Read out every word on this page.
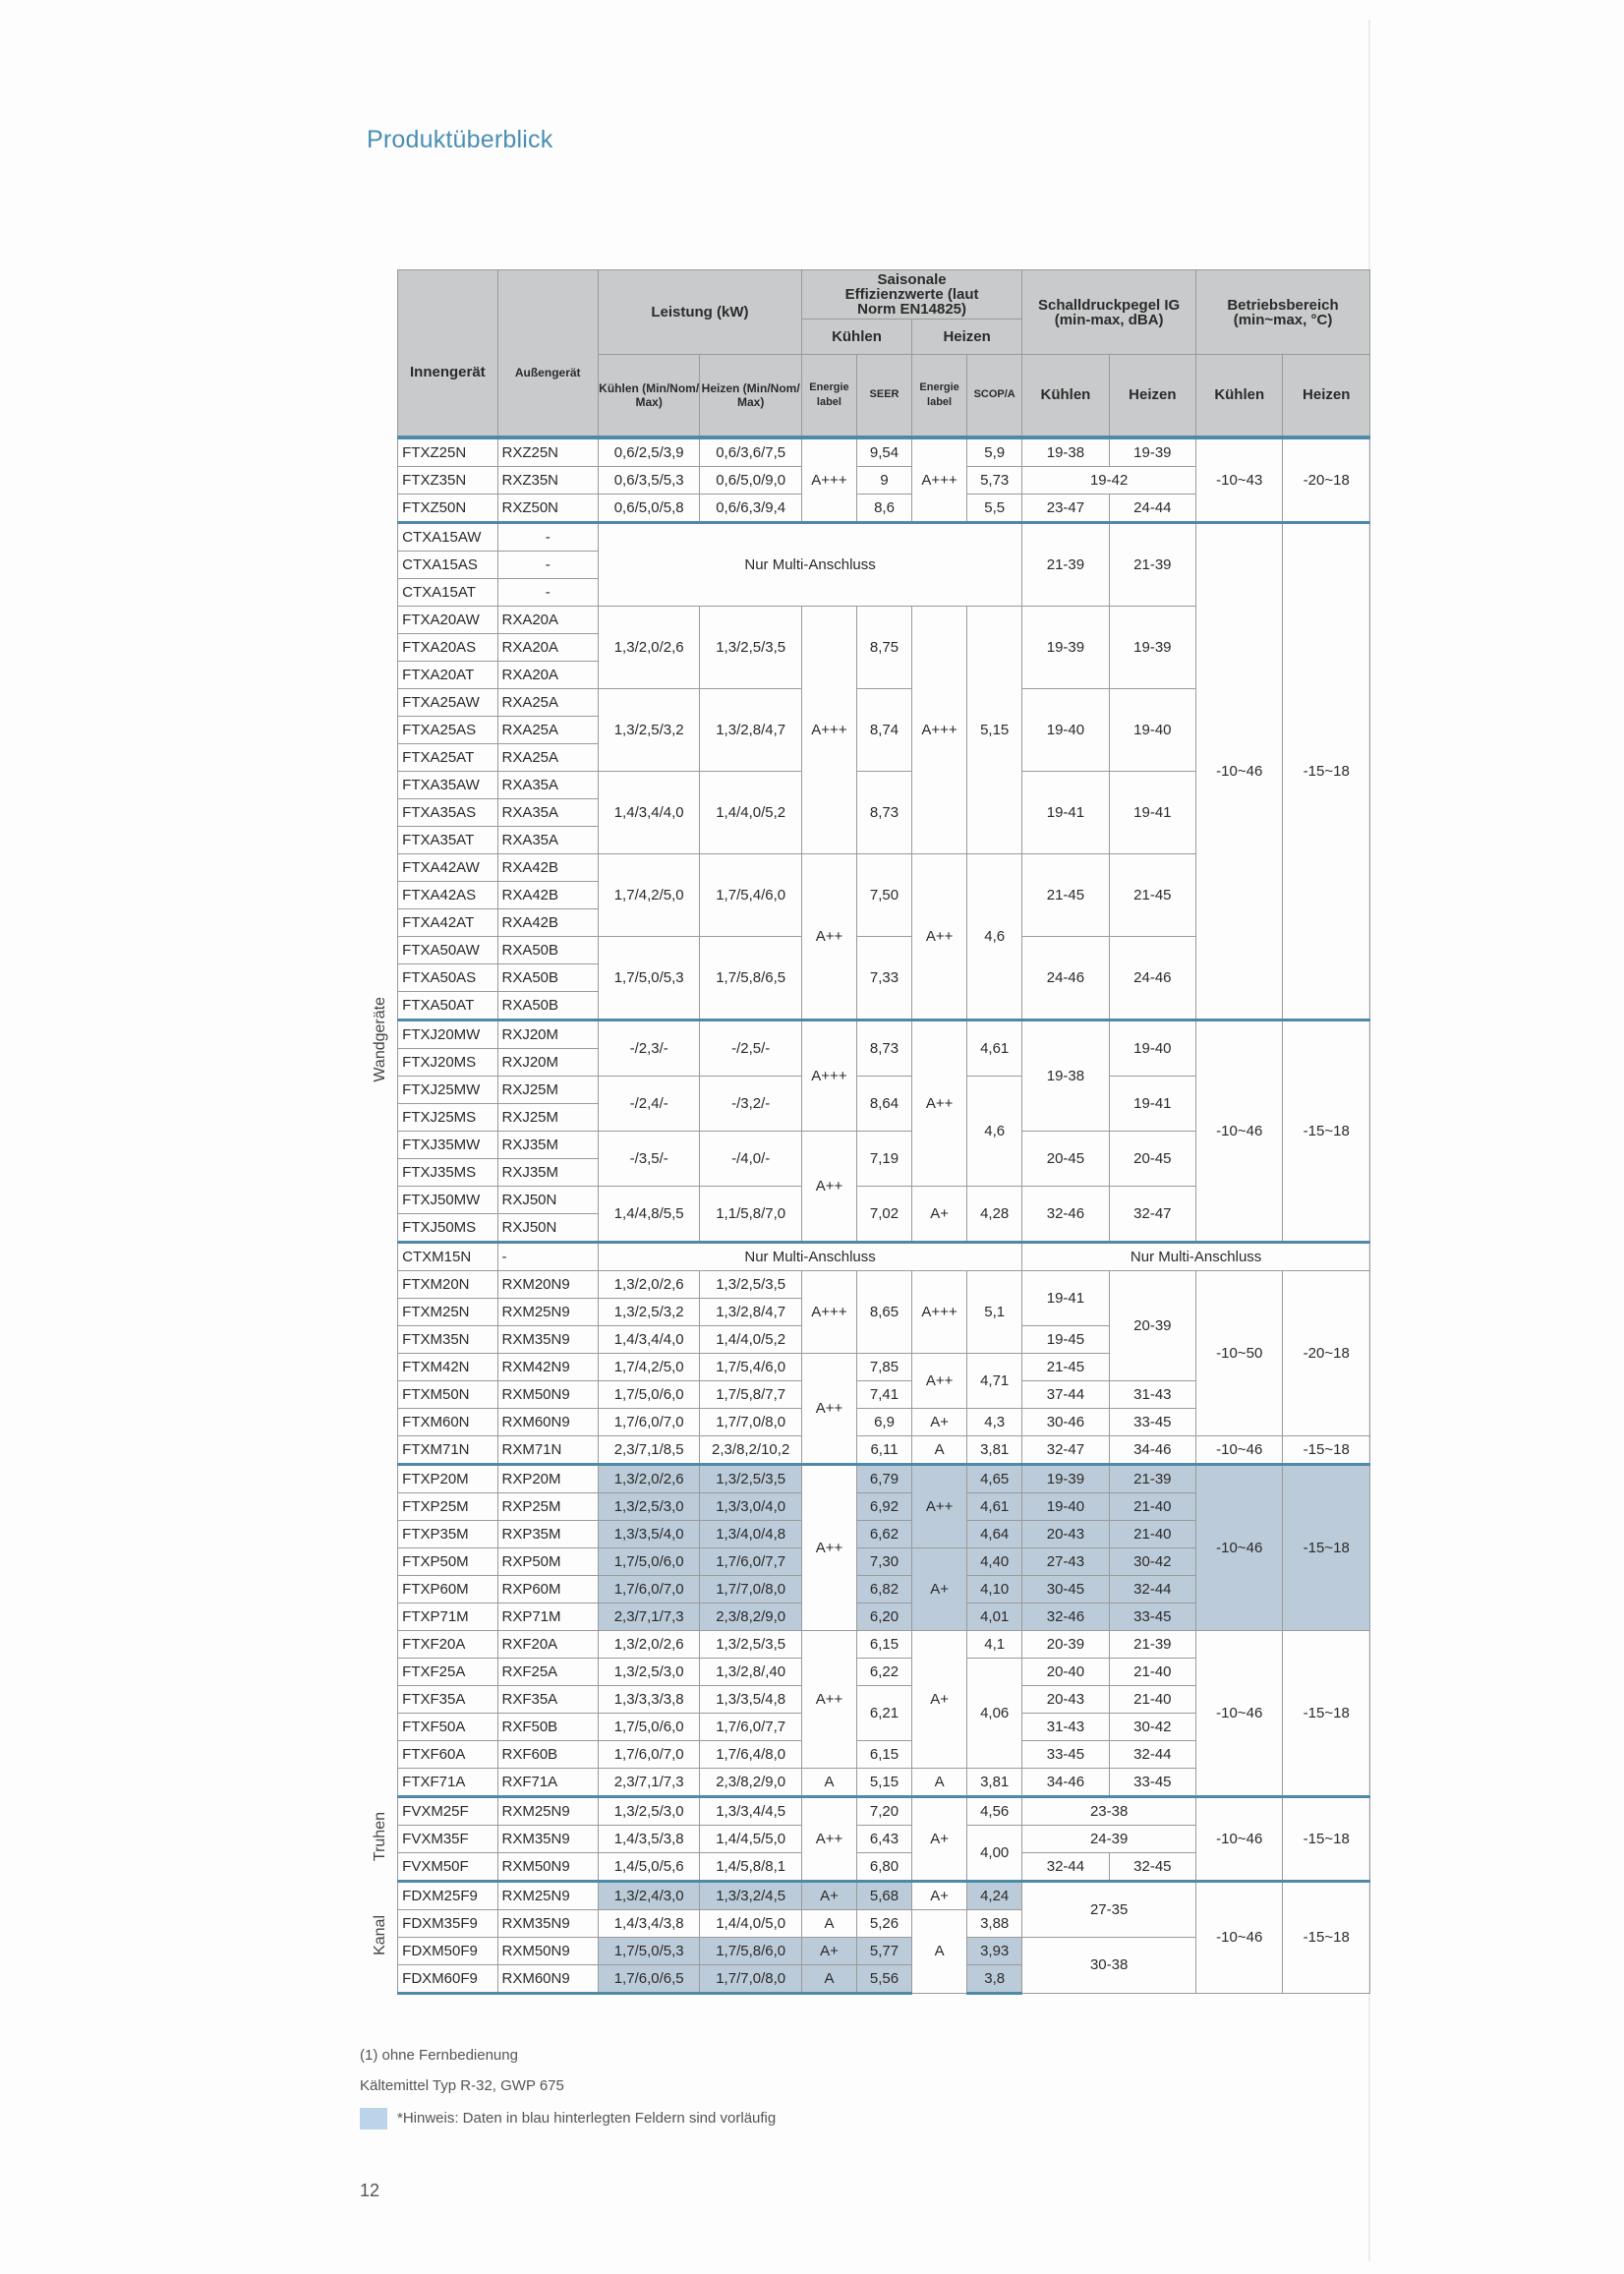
Produktüberblick
	Innengerät	Außengerät	Leistung (kW)		Saisonale Effizienzwerte (laut Norm EN14825)				Schalldruckpegel IG (min-max, dBA)		Betriebsbereich (min~max, °C)	
					Kühlen		Heizen					
			Kühlen (Min/Nom/ Max)	Heizen (Min/Nom/ Max)	Energie label	SEER	Energie label	SCOP/A	Kühlen	Heizen	Kühlen	Heizen
	FTXZ25N	RXZ25N	0,6/2,5/3,9	0,6/3,6/7,5	A+++	9,54	A+++	5,9	19-38	19-39	-10~43	-20~18
	FTXZ35N	RXZ35N	0,6/3,5/5,3	0,6/5,0/9,0		9		5,73	19-42			
	FTXZ50N	RXZ50N	0,6/5,0/5,8	0,6/6,3/9,4		8,6		5,5	23-47	24-44		
Wandgeräte	CTXA15AW	-	Nur Multi-Anschluss						21-39	21-39	-10~46	-15~18
	CTXA15AS	-										
	CTXA15AT	-										
	FTXA20AW	RXA20A	1,3/2,0/2,6	1,3/2,5/3,5	A+++	8,75	A+++	5,15	19-39	19-39		
	FTXA20AS	RXA20A										
	FTXA20AT	RXA20A										
	FTXA25AW	RXA25A	1,3/2,5/3,2	1,3/2,8/4,7		8,74			19-40	19-40		
	FTXA25AS	RXA25A										
	FTXA25AT	RXA25A										
	FTXA35AW	RXA35A	1,4/3,4/4,0	1,4/4,0/5,2		8,73			19-41	19-41		
	FTXA35AS	RXA35A										
	FTXA35AT	RXA35A										
	FTXA42AW	RXA42B	1,7/4,2/5,0	1,7/5,4/6,0	A++	7,50	A++	4,6	21-45	21-45		
	FTXA42AS	RXA42B										
	FTXA42AT	RXA42B										
	FTXA50AW	RXA50B	1,7/5,0/5,3	1,7/5,8/6,5		7,33			24-46	24-46		
	FTXA50AS	RXA50B										
	FTXA50AT	RXA50B										
	FTXJ20MW	RXJ20M	-/2,3/-	-/2,5/-	A+++	8,73	A++	4,61	19-38	19-40	-10~46	-15~18
	FTXJ20MS	RXJ20M										
	FTXJ25MW	RXJ25M	-/2,4/-	-/3,2/-		8,64		4,6		19-41		
	FTXJ25MS	RXJ25M										
	FTXJ35MW	RXJ35M	-/3,5/-	-/4,0/-	A++	7,19			20-45	20-45		
	FTXJ35MS	RXJ35M										
	FTXJ50MW	RXJ50N	1,4/4,8/5,5	1,1/5,8/7,0		7,02	A+	4,28	32-46	32-47		
	FTXJ50MS	RXJ50N										
	CTXM15N	-	Nur Multi-Anschluss						Nur Multi-Anschluss			
	FTXM20N	RXM20N9	1,3/2,0/2,6	1,3/2,5/3,5	A+++	8,65	A+++	5,1	19-41	20-39	-10~50	-20~18
	FTXM25N	RXM25N9	1,3/2,5/3,2	1,3/2,8/4,7								
	FTXM35N	RXM35N9	1,4/3,4/4,0	1,4/4,0/5,2					19-45			
	FTXM42N	RXM42N9	1,7/4,2/5,0	1,7/5,4/6,0	A++	7,85	A++	4,71	21-45			
	FTXM50N	RXM50N9	1,7/5,0/6,0	1,7/5,8/7,7		7,41			37-44	31-43		
	FTXM60N	RXM60N9	1,7/6,0/7,0	1,7/7,0/8,0		6,9	A+	4,3	30-46	33-45		
	FTXM71N	RXM71N	2,3/7,1/8,5	2,3/8,2/10,2		6,11	A	3,81	32-47	34-46	-10~46	-15~18
	FTXP20M	RXP20M	1,3/2,0/2,6	1,3/2,5/3,5	A++	6,79	A++	4,65	19-39	21-39	-10~46	-15~18
	FTXP25M	RXP25M	1,3/2,5/3,0	1,3/3,0/4,0		6,92		4,61	19-40	21-40		
	FTXP35M	RXP35M	1,3/3,5/4,0	1,3/4,0/4,8		6,62		4,64	20-43	21-40		
	FTXP50M	RXP50M	1,7/5,0/6,0	1,7/6,0/7,7		7,30	A+	4,40	27-43	30-42		
	FTXP60M	RXP60M	1,7/6,0/7,0	1,7/7,0/8,0		6,82		4,10	30-45	32-44		
	FTXP71M	RXP71M	2,3/7,1/7,3	2,3/8,2/9,0		6,20		4,01	32-46	33-45		
	FTXF20A	RXF20A	1,3/2,0/2,6	1,3/2,5/3,5	A++	6,15	A+	4,1	20-39	21-39	-10~46	-15~18
	FTXF25A	RXF25A	1,3/2,5/3,0	1,3/2,8/,40		6,22		4,06	20-40	21-40		
	FTXF35A	RXF35A	1,3/3,3/3,8	1,3/3,5/4,8		6,21			20-43	21-40		
	FTXF50A	RXF50B	1,7/5,0/6,0	1,7/6,0/7,7					31-43	30-42		
	FTXF60A	RXF60B	1,7/6,0/7,0	1,7/6,4/8,0		6,15			33-45	32-44		
	FTXF71A	RXF71A	2,3/7,1/7,3	2,3/8,2/9,0	A	5,15	A	3,81	34-46	33-45		
Truhen	FVXM25F	RXM25N9	1,3/2,5/3,0	1,3/3,4/4,5	A++	7,20	A+	4,56	23-38		-10~46	-15~18
	FVXM35F	RXM35N9	1,4/3,5/3,8	1,4/4,5/5,0		6,43		4,00	24-39			
	FVXM50F	RXM50N9	1,4/5,0/5,6	1,4/5,8/8,1		6,80			32-44	32-45		
Kanal	FDXM25F9	RXM25N9	1,3/2,4/3,0	1,3/3,2/4,5	A+	5,68	A+	4,24	27-35		-10~46	-15~18
	FDXM35F9	RXM35N9	1,4/3,4/3,8	1,4/4,0/5,0	A	5,26	A	3,88				
	FDXM50F9	RXM50N9	1,7/5,0/5,3	1,7/5,8/6,0	A+	5,77		3,93	30-38			
	FDXM60F9	RXM60N9	1,7/6,0/6,5	1,7/7,0/8,0	A	5,56		3,8				
(1) ohne Fernbedienung
Kältemittel Typ R-32, GWP 675
*Hinweis: Daten in blau hinterlegten Feldern sind vorläufig
12
